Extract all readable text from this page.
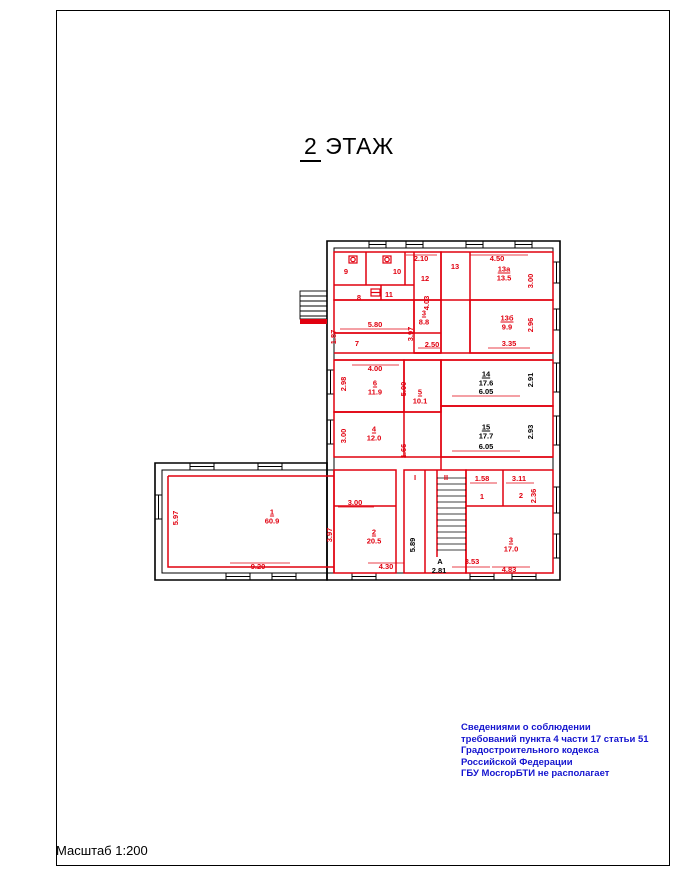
2 ЭТАЖ
1
60.9
2
20.5	3
17.0
4
12.0
5
10.1
6
11.9
3
8.8
13a
13.5
13б
9.9
14
17.6
15
17.7
9	10
11
8
7
12
13
1	2
I	II
A
2.10	4.50
3.00
5.80
4.03
1.87	3.97
2.50	3.35
2.96
4.00
2.98	5.00	6.05
2.91
3.00
6.05
2.93
1.66
1.58	3.11
2.36
3.00
5.97
3.97
9.20	4.30
5.89
2.81
3.53
4.83
Сведениями о соблюдении
требований пункта 4 части 17 статьи 51
Градостроительного кодекса
Российской Федерации
ГБУ МосгорБТИ не располагает
Масштаб 1:200
